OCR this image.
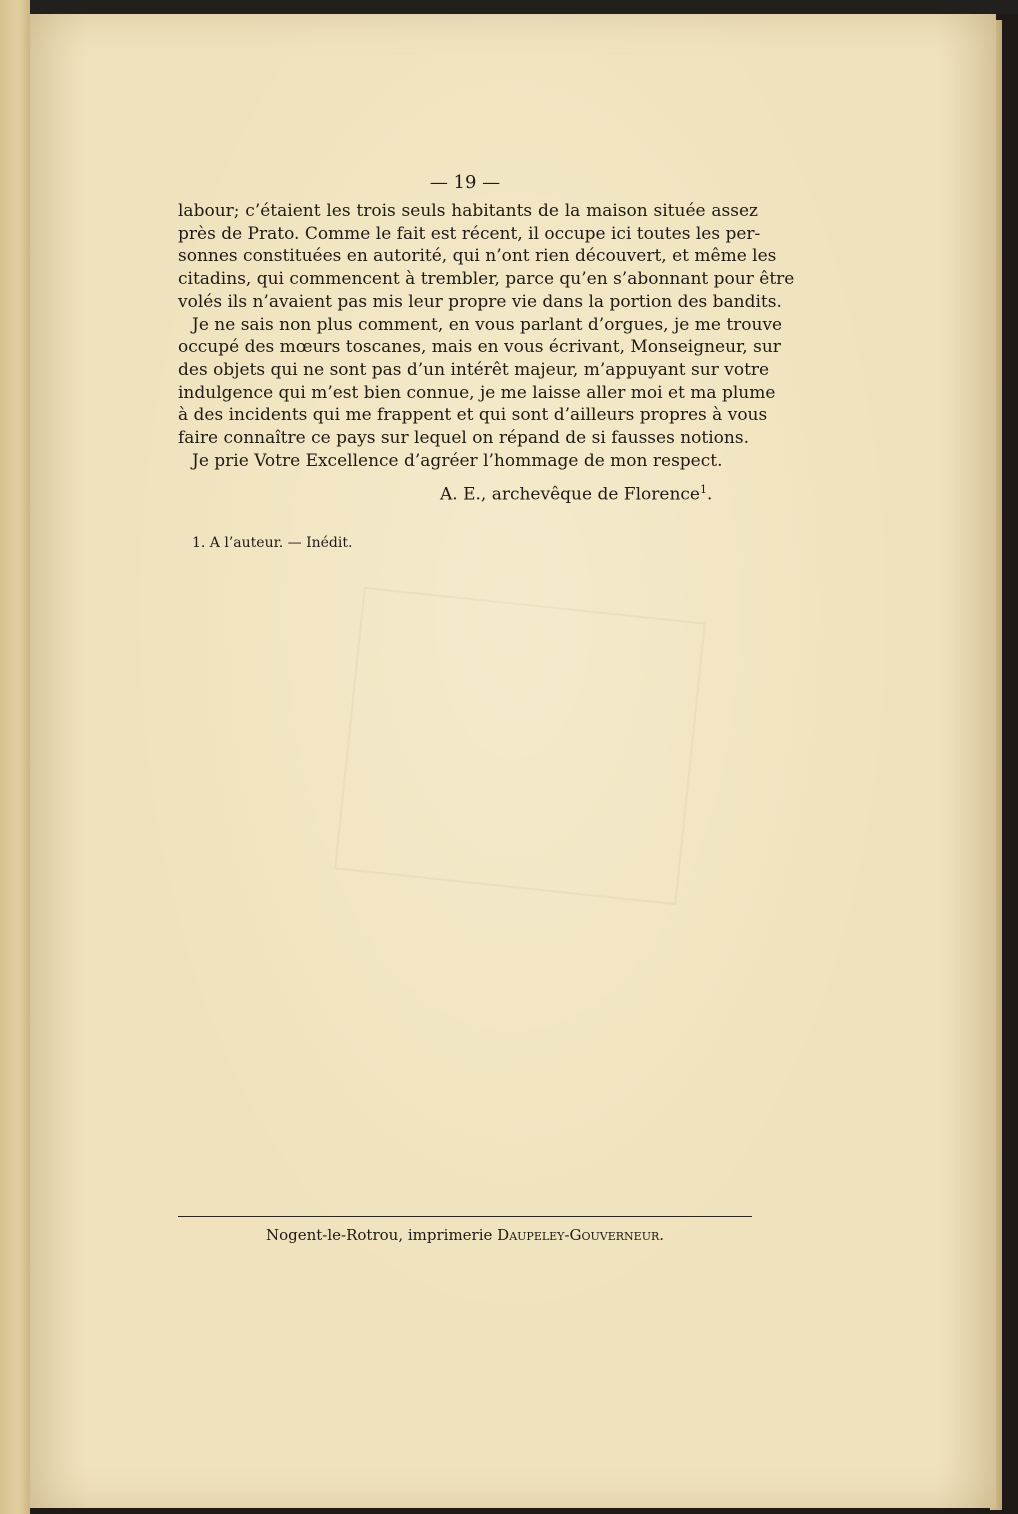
— 19 —
labour; c’étaient les trois seuls habitants de la maison située assez
près de Prato. Comme le fait est récent, il occupe ici toutes les per-
sonnes constituées en autorité, qui n’ont rien découvert, et même les
citadins, qui commencent à trembler, parce qu’en s’abonnant pour être
volés ils n’avaient pas mis leur propre vie dans la portion des bandits.
Je ne sais non plus comment, en vous parlant d’orgues, je me trouve
occupé des mœurs toscanes, mais en vous écrivant, Monseigneur, sur
des objets qui ne sont pas d’un intérêt majeur, m’appuyant sur votre
indulgence qui m’est bien connue, je me laisse aller moi et ma plume
à des incidents qui me frappent et qui sont d’ailleurs propres à vous
faire connaître ce pays sur lequel on répand de si fausses notions.
Je prie Votre Excellence d’agréer l’hommage de mon respect.
A. E., archevêque de Florence$^1$.
1. A l’auteur. — Inédit.
Nogent-le-Rotrou, imprimerie Daupeley-Gouverneur.
